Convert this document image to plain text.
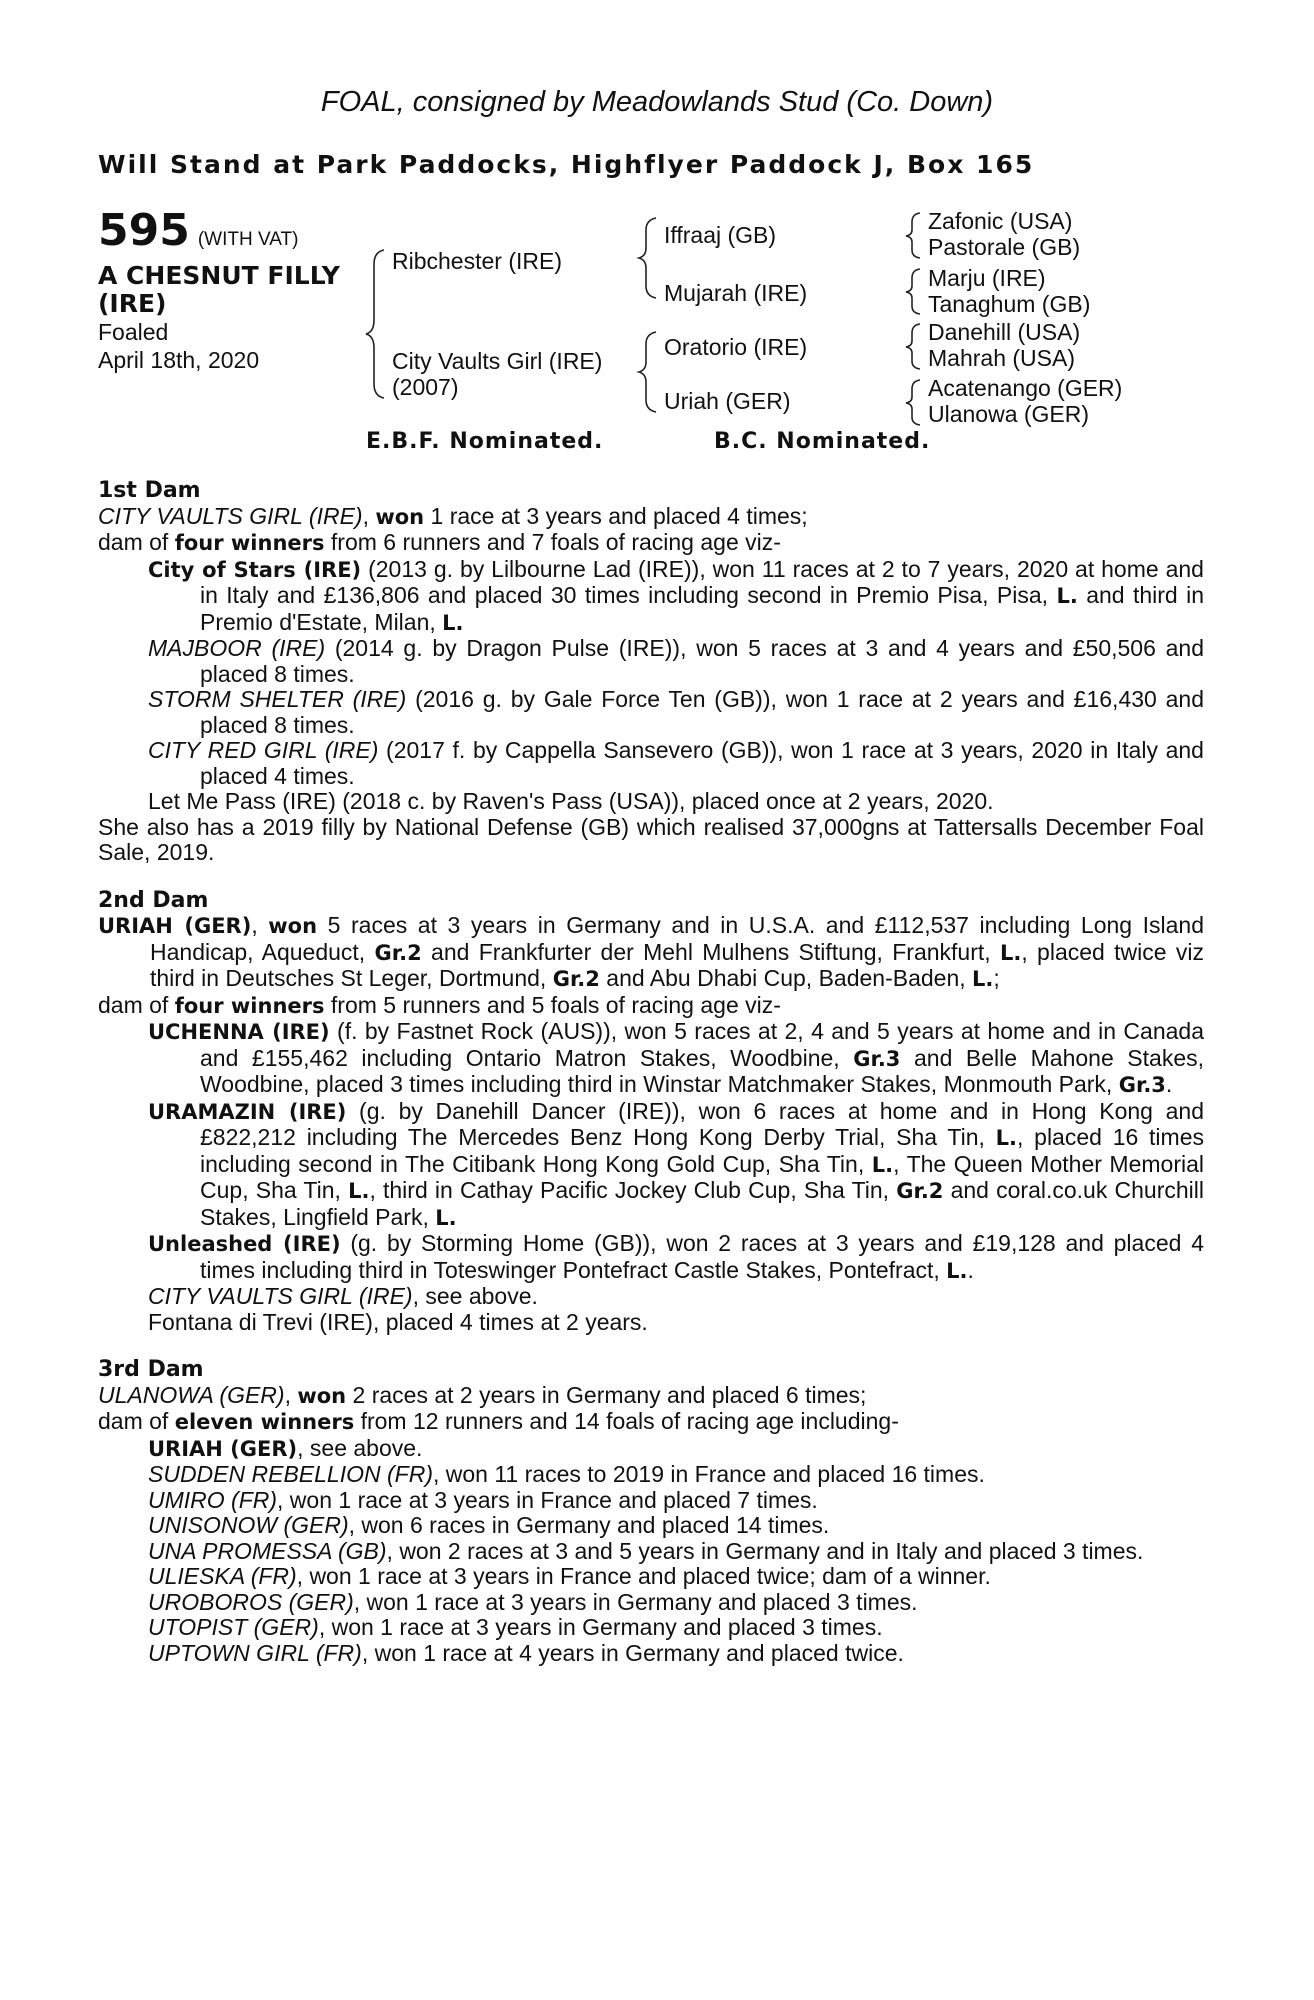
FOAL, consigned by Meadowlands Stud (Co. Down)
Will Stand at Park Paddocks, Highflyer Paddock J, Box 165
595 (WITH VAT)
A CHESNUT FILLY (IRE)
Foaled
April 18th, 2020
Ribchester (IRE)
City Vaults Girl (IRE)
(2007)
Iffraaj (GB)
Mujarah (IRE)
Oratorio (IRE)
Uriah (GER)
Zafonic (USA)
Pastorale (GB)
Marju (IRE)
Tanaghum (GB)
Danehill (USA)
Mahrah (USA)
Acatenango (GER)
Ulanowa (GER)
E.B.F. Nominated.	B.C. Nominated.
1st Dam
CITY VAULTS GIRL (IRE), won 1 race at 3 years and placed 4 times;
dam of four winners from 6 runners and 7 foals of racing age viz-
City of Stars (IRE) (2013 g. by Lilbourne Lad (IRE)), won 11 races at 2 to 7 years, 2020 at home and in Italy and £136,806 and placed 30 times including second in Premio Pisa, Pisa, L. and third in Premio d'Estate, Milan, L.
MAJBOOR (IRE) (2014 g. by Dragon Pulse (IRE)), won 5 races at 3 and 4 years and £50,506 and placed 8 times.
STORM SHELTER (IRE) (2016 g. by Gale Force Ten (GB)), won 1 race at 2 years and £16,430 and placed 8 times.
CITY RED GIRL (IRE) (2017 f. by Cappella Sansevero (GB)), won 1 race at 3 years, 2020 in Italy and placed 4 times.
Let Me Pass (IRE) (2018 c. by Raven's Pass (USA)), placed once at 2 years, 2020.
She also has a 2019 filly by National Defense (GB) which realised 37,000gns at Tattersalls December Foal Sale, 2019.
2nd Dam
URIAH (GER), won 5 races at 3 years in Germany and in U.S.A. and £112,537 including Long Island Handicap, Aqueduct, Gr.2 and Frankfurter der Mehl Mulhens Stiftung, Frankfurt, L., placed twice viz third in Deutsches St Leger, Dortmund, Gr.2 and Abu Dhabi Cup, Baden-Baden, L.;
dam of four winners from 5 runners and 5 foals of racing age viz-
UCHENNA (IRE) (f. by Fastnet Rock (AUS)), won 5 races at 2, 4 and 5 years at home and in Canada and £155,462 including Ontario Matron Stakes, Woodbine, Gr.3 and Belle Mahone Stakes, Woodbine, placed 3 times including third in Winstar Matchmaker Stakes, Monmouth Park, Gr.3.
URAMAZIN (IRE) (g. by Danehill Dancer (IRE)), won 6 races at home and in Hong Kong and £822,212 including The Mercedes Benz Hong Kong Derby Trial, Sha Tin, L., placed 16 times including second in The Citibank Hong Kong Gold Cup, Sha Tin, L., The Queen Mother Memorial Cup, Sha Tin, L., third in Cathay Pacific Jockey Club Cup, Sha Tin, Gr.2 and coral.co.uk Churchill Stakes, Lingfield Park, L.
Unleashed (IRE) (g. by Storming Home (GB)), won 2 races at 3 years and £19,128 and placed 4 times including third in Toteswinger Pontefract Castle Stakes, Pontefract, L..
CITY VAULTS GIRL (IRE), see above.
Fontana di Trevi (IRE), placed 4 times at 2 years.
3rd Dam
ULANOWA (GER), won 2 races at 2 years in Germany and placed 6 times;
dam of eleven winners from 12 runners and 14 foals of racing age including-
URIAH (GER), see above.
SUDDEN REBELLION (FR), won 11 races to 2019 in France and placed 16 times.
UMIRO (FR), won 1 race at 3 years in France and placed 7 times.
UNISONOW (GER), won 6 races in Germany and placed 14 times.
UNA PROMESSA (GB), won 2 races at 3 and 5 years in Germany and in Italy and placed 3 times.
ULIESKA (FR), won 1 race at 3 years in France and placed twice; dam of a winner.
UROBOROS (GER), won 1 race at 3 years in Germany and placed 3 times.
UTOPIST (GER), won 1 race at 3 years in Germany and placed 3 times.
UPTOWN GIRL (FR), won 1 race at 4 years in Germany and placed twice.
